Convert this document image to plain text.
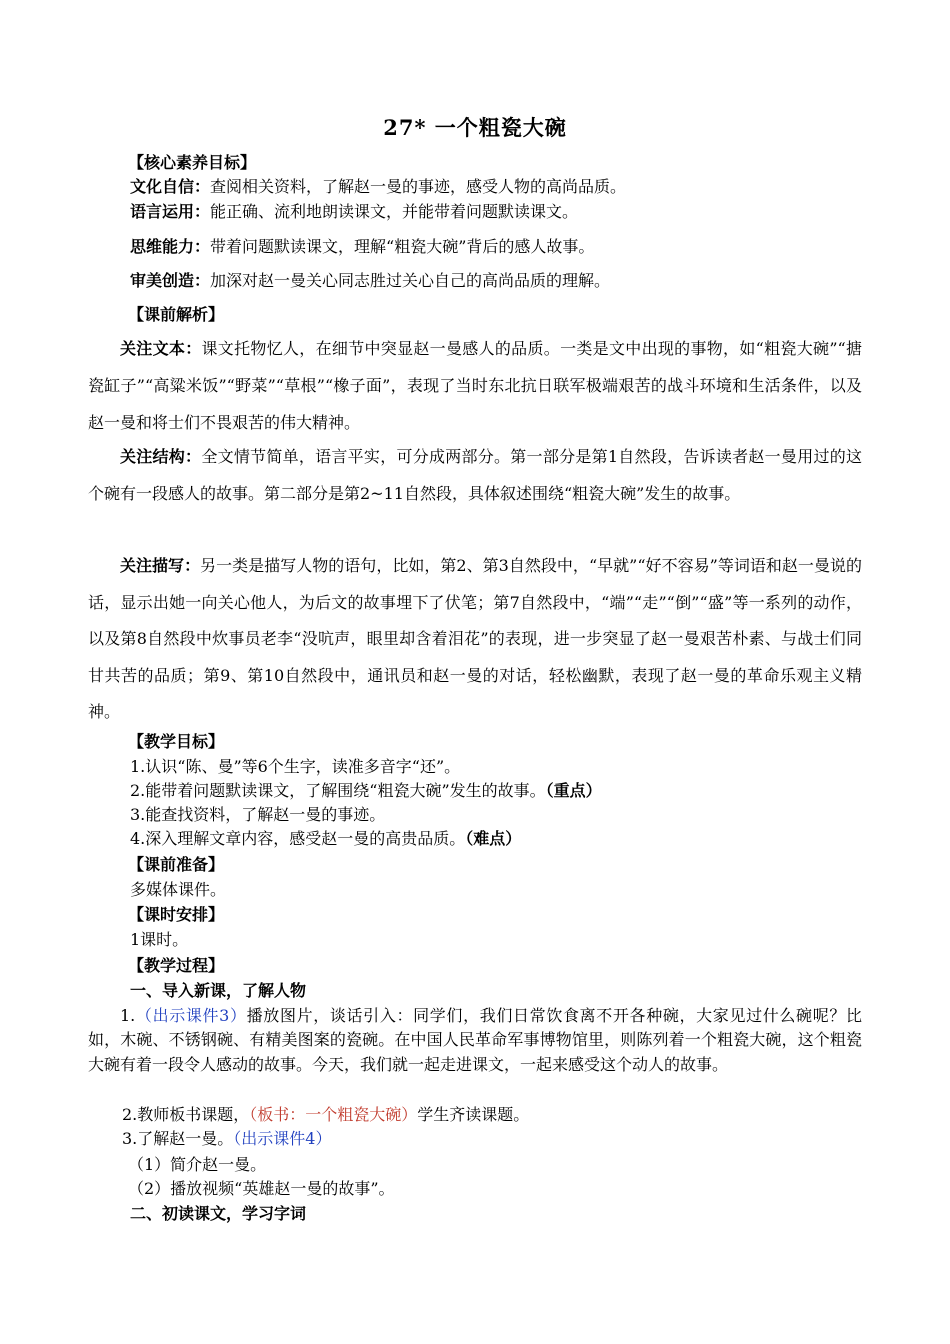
27* 一个粗瓷大碗

【核心素养目标】

文化自信：查阅相关资料，了解赵一曼的事迹，感受人物的高尚品质。

语言运用：能正确、流利地朗读课文，并能带着问题默读课文。

思维能力：带着问题默读课文，理解“粗瓷大碗”背后的感人故事。

审美创造：加深对赵一曼关心同志胜过关心自己的高尚品质的理解。

【课前解析】

关注文本：课文托物忆人，在细节中突显赵一曼感人的品质。一类是文中出现的事物，如“粗瓷大碗”“搪瓷缸子”“高粱米饭”“野菜”“草根”“橡子面”，表现了当时东北抗日联军极端艰苦的战斗环境和生活条件，以及赵一曼和将士们不畏艰苦的伟大精神。

关注结构：全文情节简单，语言平实，可分成两部分。第一部分是第1自然段，告诉读者赵一曼用过的这个碗有一段感人的故事。第二部分是第2~11自然段，具体叙述围绕“粗瓷大碗”发生的故事。

关注描写：另一类是描写人物的语句，比如，第2、第3自然段中，“早就”“好不容易”等词语和赵一曼说的话，显示出她一向关心他人，为后文的故事埋下了伏笔；第7自然段中，“端”“走”“倒”“盛”等一系列的动作，以及第8自然段中炊事员老李“没吭声，眼里却含着泪花”的表现，进一步突显了赵一曼艰苦朴素、与战士们同甘共苦的品质；第9、第10自然段中，通讯员和赵一曼的对话，轻松幽默，表现了赵一曼的革命乐观主义精神。

【教学目标】

1.认识“陈、曼”等6个生字，读准多音字“还”。

2.能带着问题默读课文，了解围绕“粗瓷大碗”发生的故事。（重点）

3.能查找资料，了解赵一曼的事迹。

4.深入理解文章内容，感受赵一曼的高贵品质。（难点）

【课前准备】

多媒体课件。

【课时安排】

1课时。

【教学过程】

一、导入新课，了解人物

1.（出示课件3）播放图片，谈话引入：同学们，我们日常饮食离不开各种碗，大家见过什么碗呢？比如，木碗、不锈钢碗、有精美图案的瓷碗。在中国人民革命军事博物馆里，则陈列着一个粗瓷大碗，这个粗瓷大碗有着一段令人感动的故事。今天，我们就一起走进课文，一起来感受这个动人的故事。

2.教师板书课题，（板书：一个粗瓷大碗）学生齐读课题。

3.了解赵一曼。（出示课件4）

（1）简介赵一曼。

（2）播放视频“英雄赵一曼的故事”。

二、初读课文，学习字词
